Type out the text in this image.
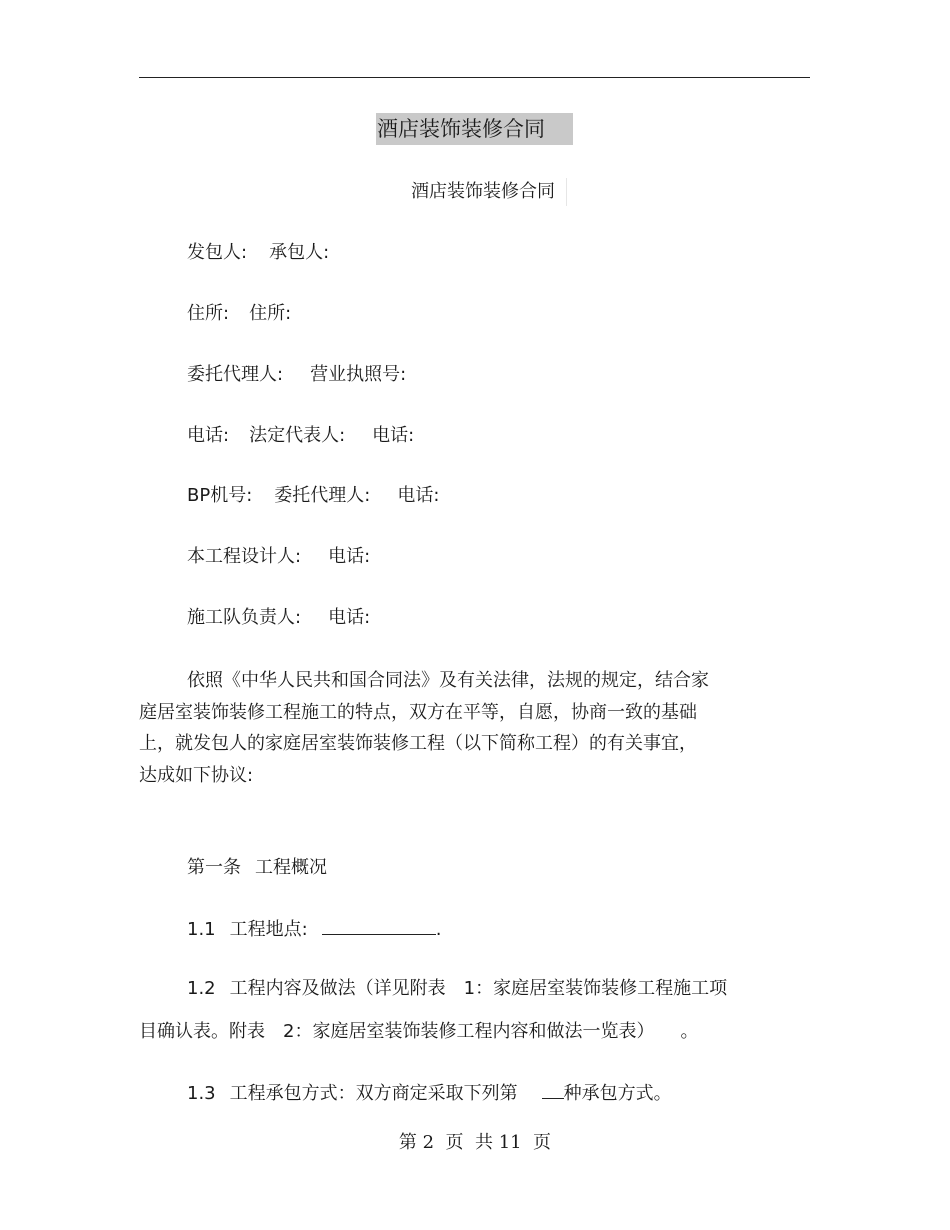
酒店装饰装修合同
酒店装饰装修合同
发包人: 承包人:
住所: 住所:
委托代理人: 营业执照号:
电话: 法定代表人: 电话:
BP机号: 委托代理人: 电话:
本工程设计人: 电话:
施工队负责人: 电话:
依照《中华人民共和国合同法》及有关法律，法规的规定，结合家
庭居室装饰装修工程施工的特点，双方在平等，自愿，协商一致的基础
上，就发包人的家庭居室装饰装修工程（以下简称工程）的有关事宜，
达成如下协议:
第一条 工程概况
1.1 工程地点:	.
1.2 工程内容及做法（详见附表　1：家庭居室装饰装修工程施工项
目确认表。附表　2：家庭居室装饰装修工程内容和做法一览表） 。
1.3 工程承包方式：双方商定采取下列第	种承包方式。
第 2  页  共 11  页
